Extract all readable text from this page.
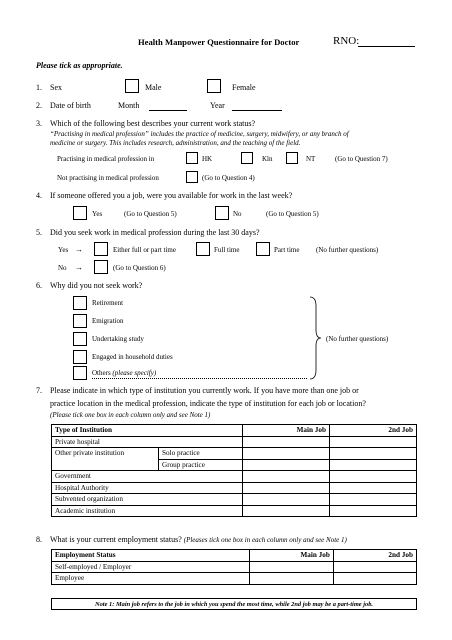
Health Manpower Questionnaire for Doctor	RNO:
Please tick as appropriate.
1. Sex	Male	Female
2. Date of birth	Month	Year
3. Which of the following best describes your current work status?
“Practising in medical profession” includes the practice of medicine, surgery, midwifery, or any branch of
medicine or surgery. This includes research, administration, and the teaching of the field.
Practising in medical profession in	HK	Kln	NT	(Go to Question 7)
Not practising in medical profession	(Go to Question 4)
4. If someone offered you a job, were you available for work in the last week?
Yes	(Go to Question 5)	No	(Go to Question 5)
5. Did you seek work in medical profession during the last 30 days?
Yes →	Either full or part time	Full time	Part time (No further questions)
No →	(Go to Question 6)
6. Why did you not seek work?
Retirement
Emigration
Undertaking study
Engaged in household duties
Others (please specify)
(No further questions)
7. Please indicate in which type of institution you currently work. If you have more than one job or
practice location in the medical profession, indicate the type of institution for each job or location?
(Please tick one box in each column only and see Note 1)
Type of Institution		Main Job	2nd Job
Private hospital			
Other private institution	Solo practice		
	Group practice		
Government			
Hospital Authority			
Subvented organization			
Academic institution			
8. What is your current employment status? (Pleases tick one box in each column only and see Note 1)
Employment Status	Main Job	2nd Job
Self-employed / Employer		
Employee		
Note 1: Main job refers to the job in which you spend the most time, while 2nd job may be a part-time job.
